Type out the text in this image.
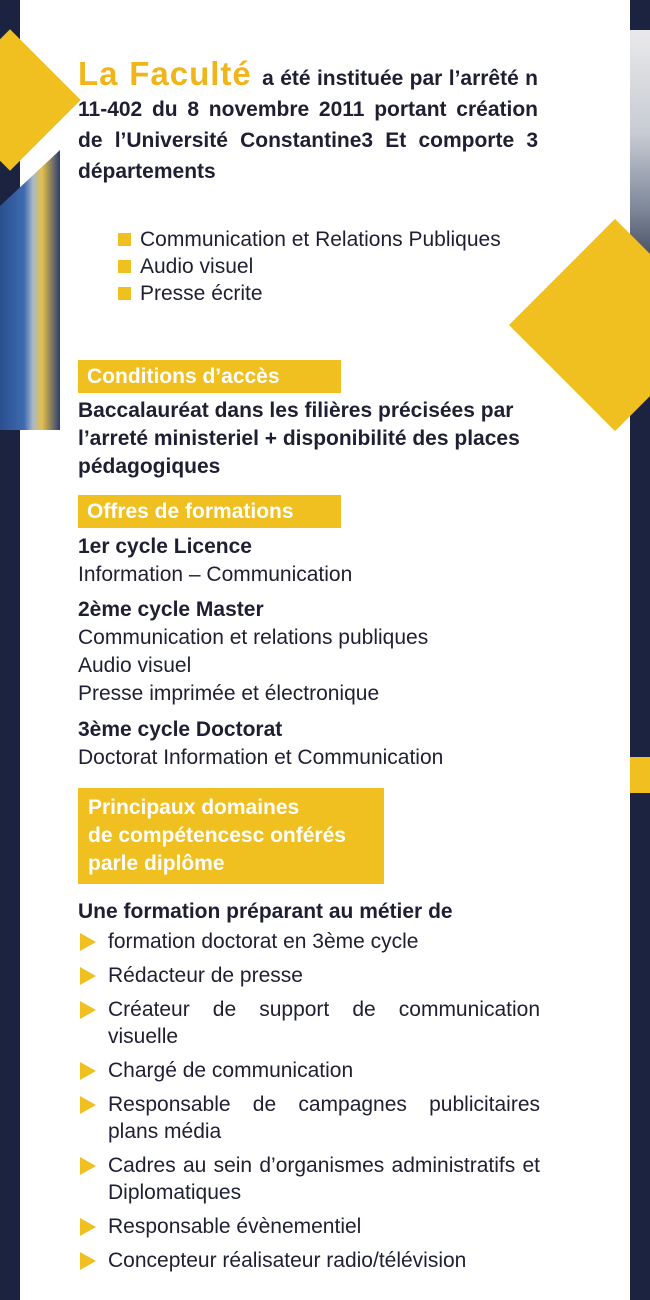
La Faculté a été instituée par l’arrêté n 11-402 du 8 novembre 2011 portant création de l’Université Constantine3 Et comporte 3 départements
Communication et Relations Publiques
Audio visuel
Presse écrite
Conditions d’accès
Baccalauréat dans les filières précisées par l’arreté ministeriel + disponibilité des places pédagogiques
Offres de formations
1er cycle Licence
Information – Communication
2ème cycle Master
Communication et relations publiques
Audio visuel
Presse imprimée et électronique
3ème cycle Doctorat
Doctorat Information et Communication
Principaux domaines
de compétencesc onférés
parle diplôme
Une formation préparant au métier de
formation doctorat en 3ème cycle
Rédacteur de presse
Créateur de support de communication visuelle
Chargé de communication
Responsable de campagnes publicitaires plans média
Cadres au sein d’organismes administratifs et Diplomatiques
Responsable évènementiel
Concepteur réalisateur radio/télévision
